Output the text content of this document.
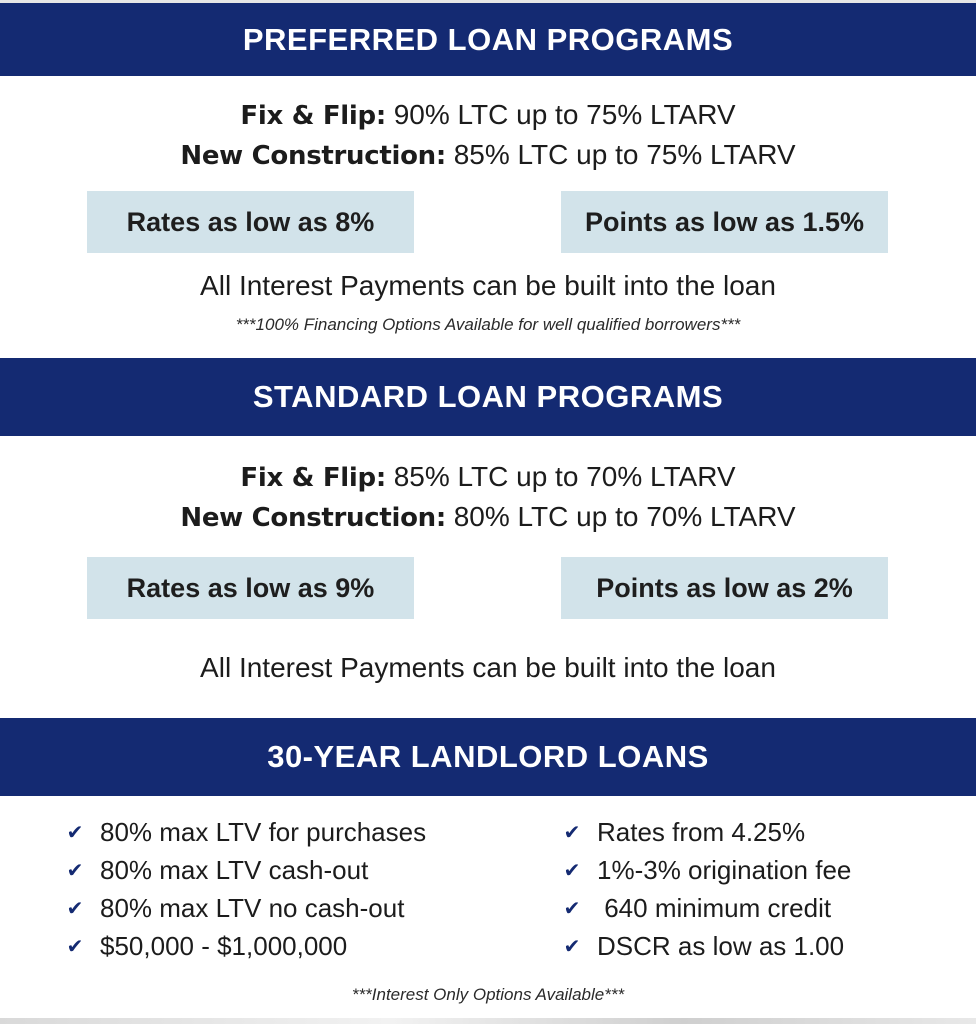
PREFERRED LOAN PROGRAMS
Fix & Flip: 90% LTC up to 75% LTARV
New Construction: 85% LTC up to 75% LTARV
Rates as low as 8%	Points as low as 1.5%
All Interest Payments can be built into the loan
***100% Financing Options Available for well qualified borrowers***
STANDARD LOAN PROGRAMS
Fix & Flip: 85% LTC up to 70% LTARV
New Construction: 80% LTC up to 70% LTARV
Rates as low as 9%	Points as low as 2%
All Interest Payments can be built into the loan
30-YEAR LANDLORD LOANS
✔ 80% max LTV for purchases
✔ 80% max LTV cash-out
✔ 80% max LTV no cash-out
✔ $50,000 - $1,000,000
✔ Rates from 4.25%
✔ 1%-3% origination fee
✔ 640 minimum credit
✔ DSCR as low as 1.00
***Interest Only Options Available***
